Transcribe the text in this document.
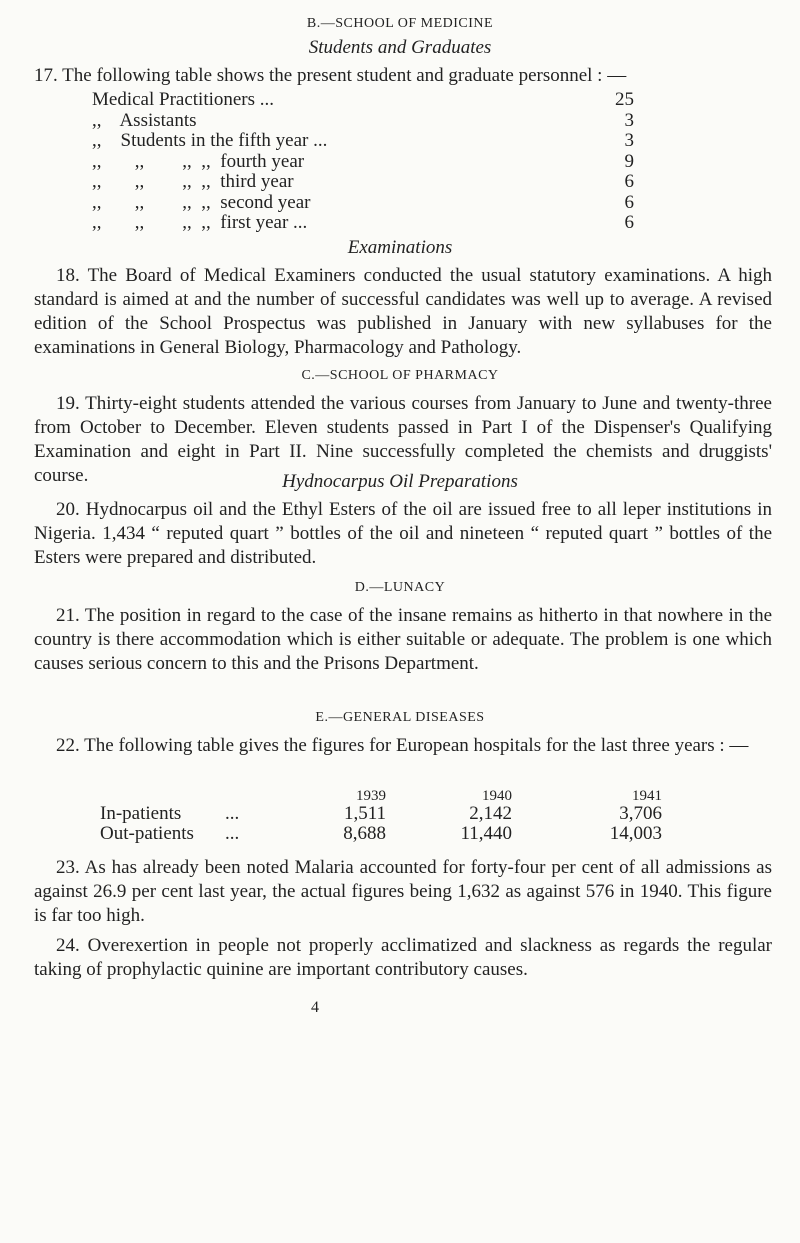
B.—SCHOOL OF MEDICINE
Students and Graduates
17. The following table shows the present student and graduate personnel : —
Medical Practitioners ...	25
,,    Assistants	3
,,    Students in the fifth year ...	3
,,       ,,        ,,  ,,  fourth year	9
,,       ,,        ,,  ,,  third year	6
,,       ,,        ,,  ,,  second year	6
,,       ,,        ,,  ,,  first year ...	6
Examinations

18. The Board of Medical Examiners conducted the usual statutory examinations. A high standard is aimed at and the number of successful candidates was well up to average. A revised edition of the School Prospectus was published in January with new syllabuses for the examinations in General Biology, Pharmacology and Pathology.

C.—SCHOOL OF PHARMACY

19. Thirty-eight students attended the various courses from January to June and twenty-three from October to December. Eleven students passed in Part I of the Dispenser's Qualifying Examination and eight in Part II. Nine successfully completed the chemists and druggists' course.	Hydnocarpus Oil Preparations

20. Hydnocarpus oil and the Ethyl Esters of the oil are issued free to all leper institutions in Nigeria. 1,434 “ reputed quart ” bottles of the oil and nineteen “ reputed quart ” bottles of the Esters were prepared and distributed.

D.—LUNACY

21. The position in regard to the case of the insane remains as hitherto in that nowhere in the country is there accommodation which is either suitable or adequate. The problem is one which causes serious concern to this and the Prisons Department.

E.—GENERAL DISEASES

22. The following table gives the figures for European hospitals for the last three years : —

1939	1940	1941
In-patients ...	1,511	2,142	3,706
Out-patients ...	8,688	11,440	14,003

23. As has already been noted Malaria accounted for forty-four per cent of all admissions as against 26.9 per cent last year, the actual figures being 1,632 as against 576 in 1940. This figure is far too high.

24. Overexertion in people not properly acclimatized and slackness as regards the regular taking of prophylactic quinine are important contributory causes.

4
